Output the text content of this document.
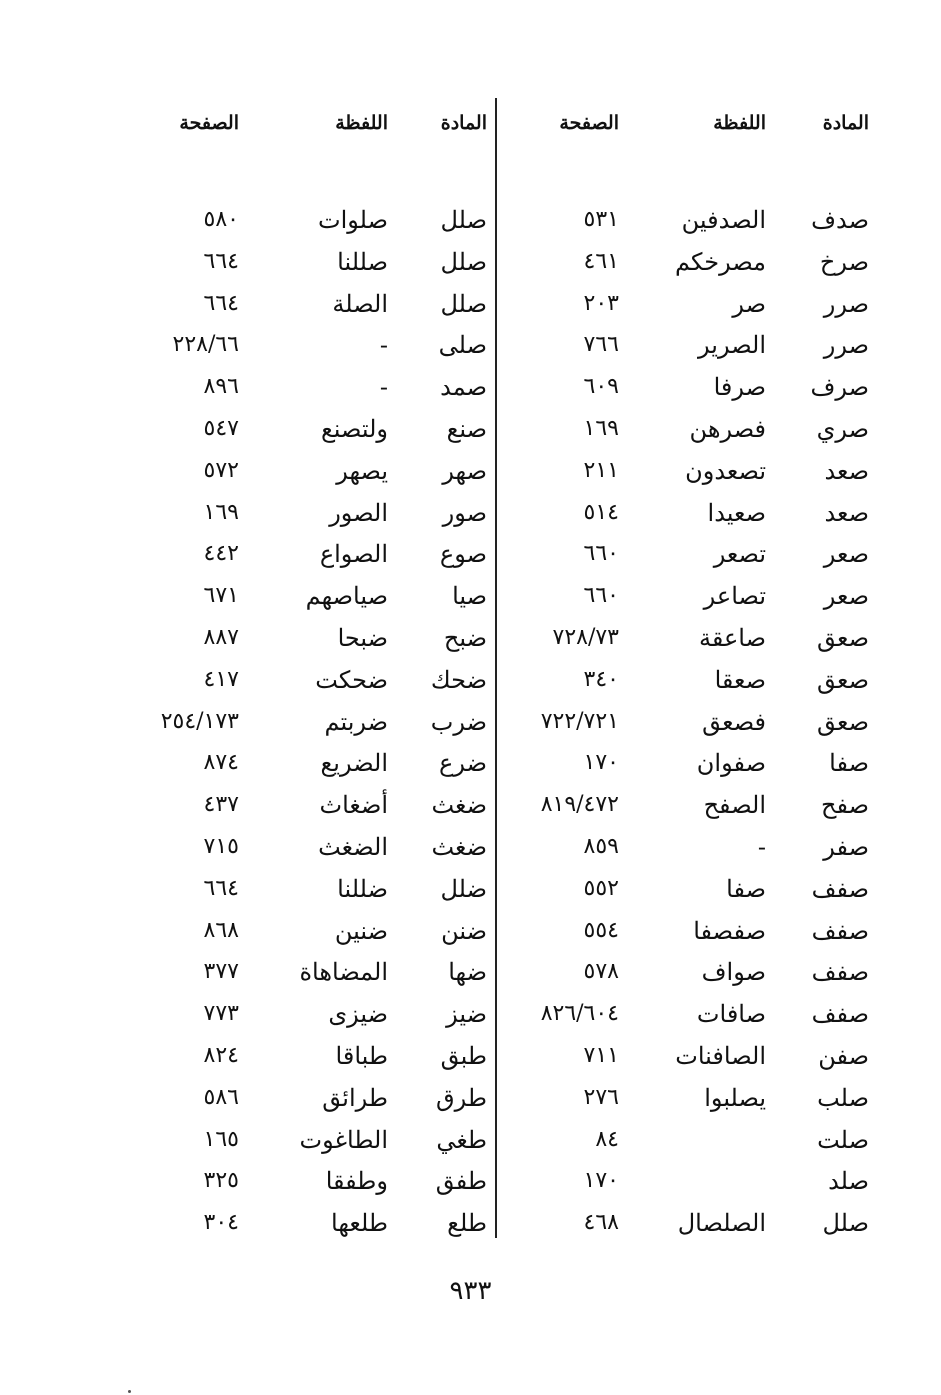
المادة
اللفظة
الصفحة
المادة
اللفظة
الصفحة
صدف
الصدفين
٥٣١
صلل
صلوات
٥٨٠
صرخ
مصرخكم
٤٦١
صلل
صللنا
٦٦٤
صرر
صر
٢٠٣
صلل
الصلة
٦٦٤
صرر
الصرير
٧٦٦
صلى
-
٢٢٨/٦٦
صرف
صرفا
٦٠٩
صمد
-
٨٩٦
صري
فصرهن
١٦٩
صنع
ولتصنع
٥٤٧
صعد
تصعدون
٢١١
صهر
يصهر
٥٧٢
صعد
صعيدا
٥١٤
صور
الصور
١٦٩
صعر
تصعر
٦٦٠
صوع
الصواع
٤٤٢
صعر
تصاعر
٦٦٠
صيا
صياصهم
٦٧١
صعق
صاعقة
٧٢٨/٧٣
ضبح
ضبحا
٨٨٧
صعق
صعقا
٣٤٠
ضحك
ضحكت
٤١٧
صعق
فصعق
٧٢٢/٧٢١
ضرب
ضربتم
٢٥٤/١٧٣
صفا
صفوان
١٧٠
ضرع
الضريع
٨٧٤
صفح
الصفح
٨١٩/٤٧٢
ضغث
أضغاث
٤٣٧
صفر
-
٨٥٩
ضغث
الضغث
٧١٥
صفف
صفا
٥٥٢
ضلل
ضللنا
٦٦٤
صفف
صفصفا
٥٥٤
ضنن
ضنين
٨٦٨
صفف
صواف
٥٧٨
ضها
المضاهاة
٣٧٧
صفف
صافات
٨٢٦/٦٠٤
ضيز
ضيزى
٧٧٣
صفن
الصافنات
٧١١
طبق
طباقا
٨٢٤
صلب
يصلبوا
٢٧٦
طرق
طرائق
٥٨٦
صلت
٨٤
طغي
الطاغوت
١٦٥
صلد
١٧٠
طفق
وطفقا
٣٢٥
صلل
الصلصال
٤٦٨
طلع
طلعها
٣٠٤
٩٣٣
